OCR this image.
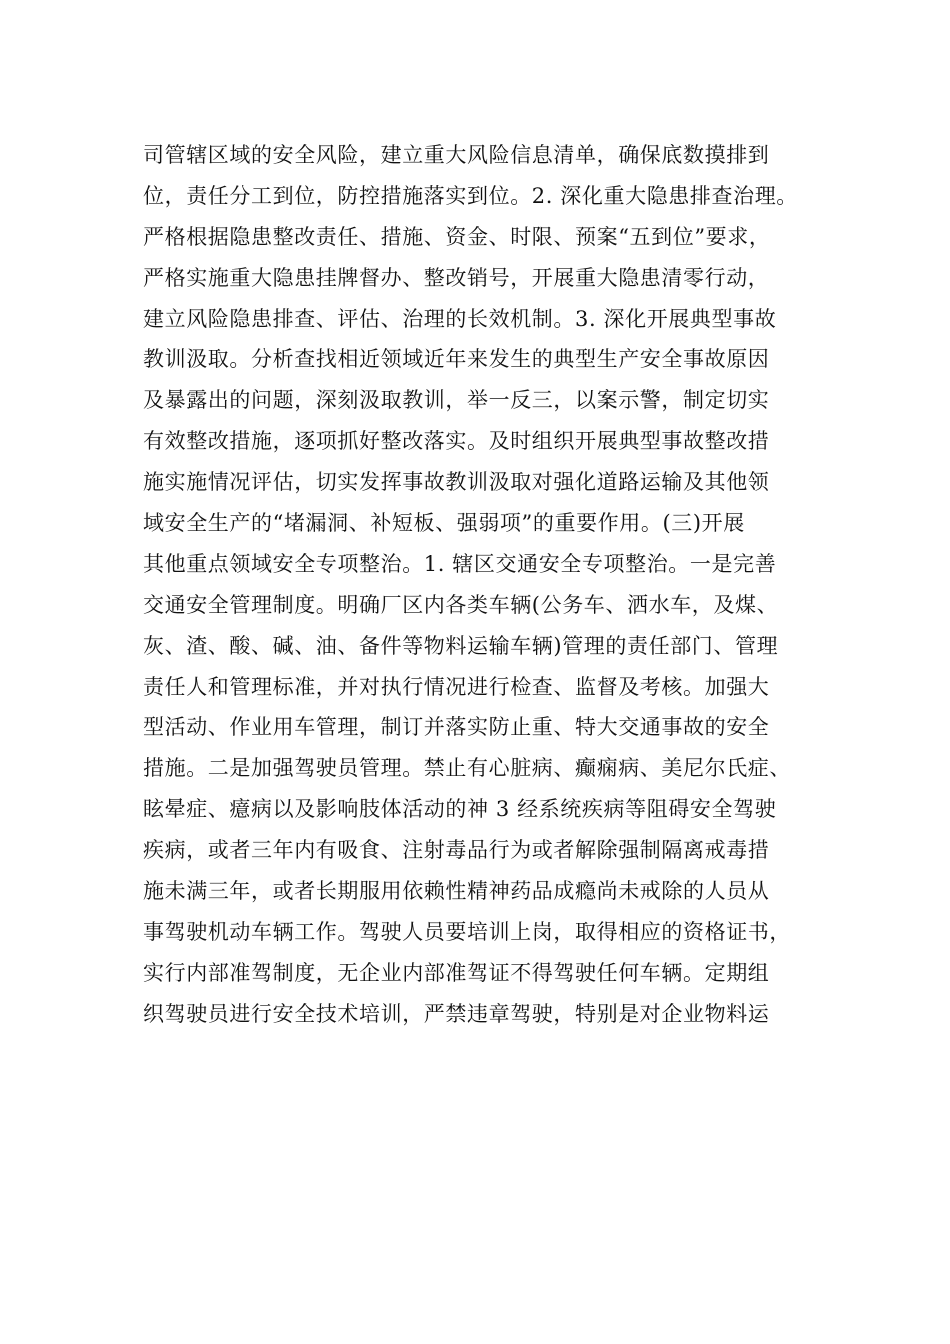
司管辖区域的安全风险，建立重大风险信息清单，确保底数摸排到
位，责任分工到位，防控措施落实到位。2. 深化重大隐患排查治理。
严格根据隐患整改责任、措施、资金、时限、预案“五到位”要求，
严格实施重大隐患挂牌督办、整改销号，开展重大隐患清零行动，
建立风险隐患排查、评估、治理的长效机制。3. 深化开展典型事故
教训汲取。分析查找相近领域近年来发生的典型生产安全事故原因
及暴露出的问题，深刻汲取教训，举一反三，以案示警，制定切实
有效整改措施，逐项抓好整改落实。及时组织开展典型事故整改措
施实施情况评估，切实发挥事故教训汲取对强化道路运输及其他领
域安全生产的“堵漏洞、补短板、强弱项”的重要作用。(三)开展
其他重点领域安全专项整治。1. 辖区交通安全专项整治。一是完善
交通安全管理制度。明确厂区内各类车辆(公务车、洒水车，及煤、
灰、渣、酸、碱、油、备件等物料运输车辆)管理的责任部门、管理
责任人和管理标准，并对执行情况进行检查、监督及考核。加强大
型活动、作业用车管理，制订并落实防止重、特大交通事故的安全
措施。二是加强驾驶员管理。禁止有心脏病、癫痫病、美尼尔氏症、
眩晕症、癔病以及影响肢体活动的神 3 经系统疾病等阻碍安全驾驶
疾病，或者三年内有吸食、注射毒品行为或者解除强制隔离戒毒措
施未满三年，或者长期服用依赖性精神药品成瘾尚未戒除的人员从
事驾驶机动车辆工作。驾驶人员要培训上岗，取得相应的资格证书，
实行内部准驾制度，无企业内部准驾证不得驾驶任何车辆。定期组
织驾驶员进行安全技术培训，严禁违章驾驶，特别是对企业物料运
